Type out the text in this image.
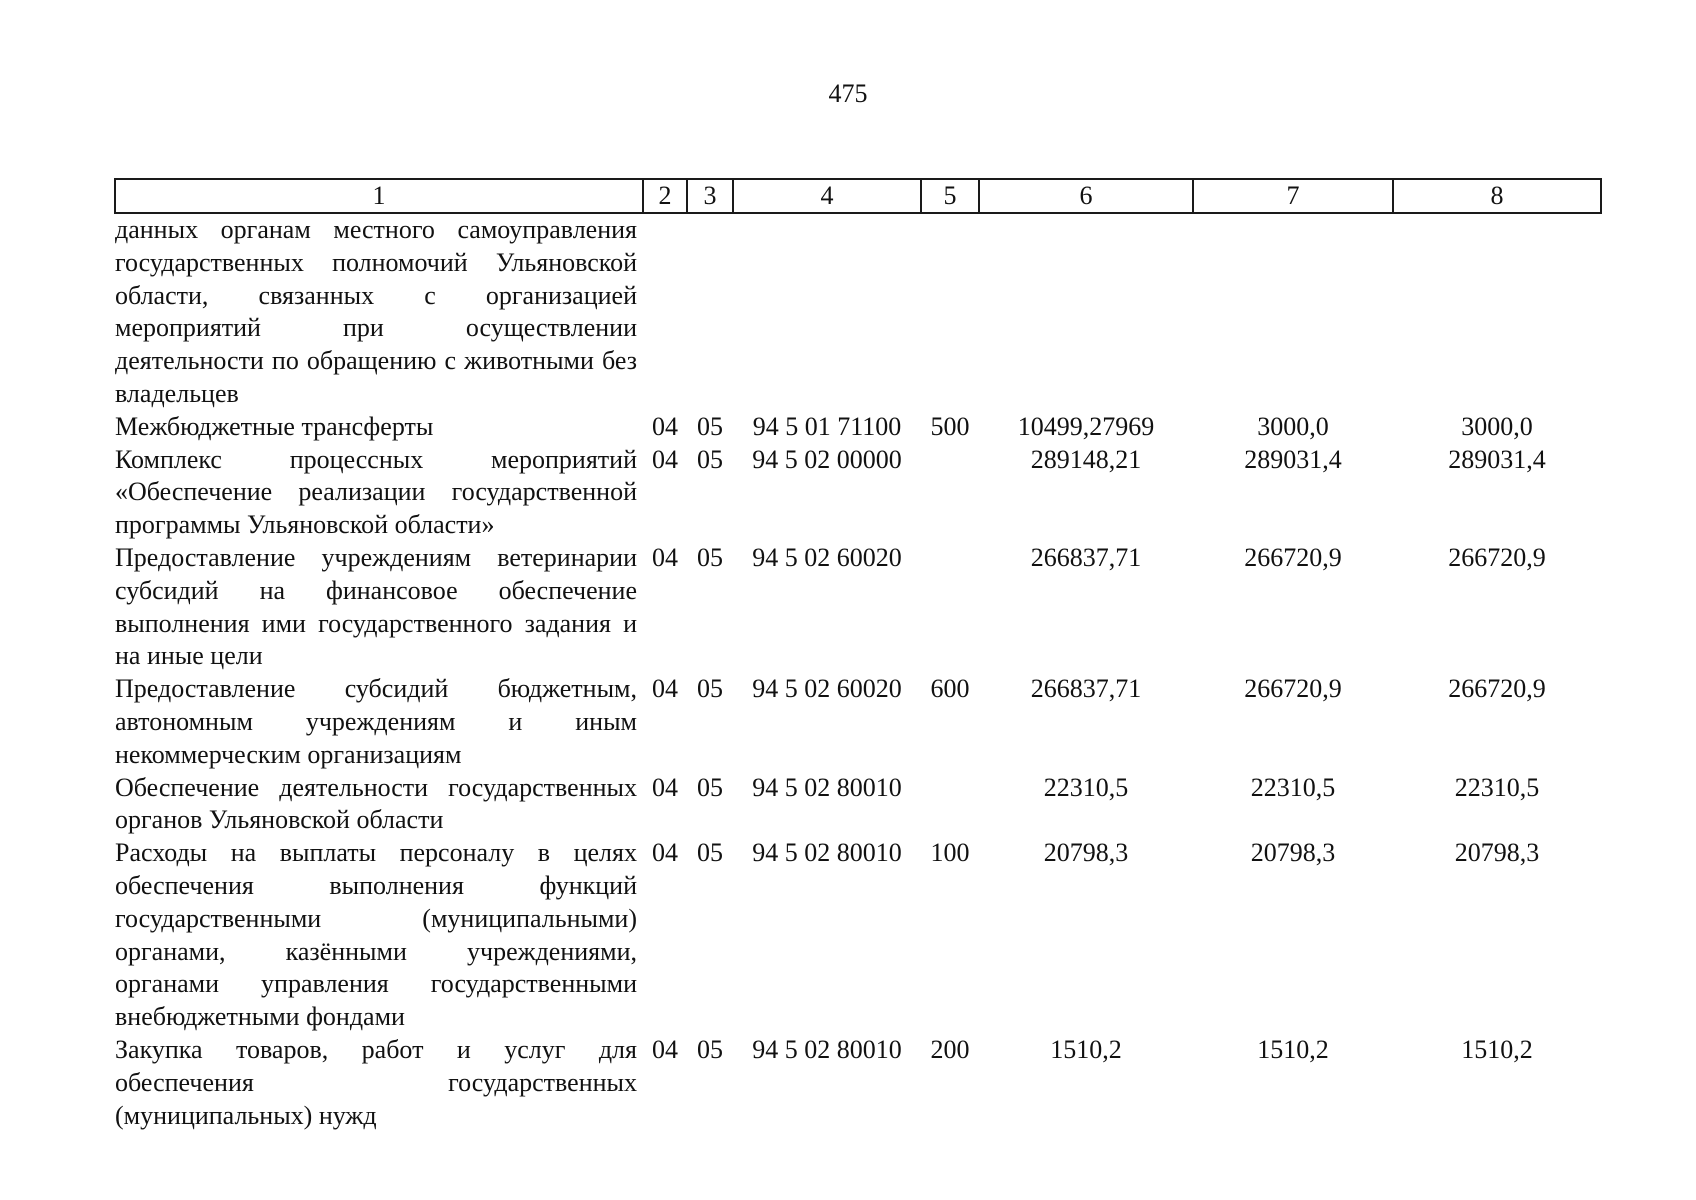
475
1	2	3	4	5	6	7	8
данных органам местного самоуправления государственных полномочий Ульяновской области, связанных с организацией мероприятий при осуществлении деятельности по обращению с животными без владельцев							
Межбюджетные трансферты	04	05	94 5 01 71100	500	10499,27969	3000,0	3000,0
Комплекс процессных мероприятий «Обеспечение реализации государственной программы Ульяновской области»	04	05	94 5 02 00000		289148,21	289031,4	289031,4
Предоставление учреждениям ветеринарии субсидий на финансовое обеспечение выполнения ими государственного задания и на иные цели	04	05	94 5 02 60020		266837,71	266720,9	266720,9
Предоставление субсидий бюджетным, автономным учреждениям и иным некоммерческим организациям	04	05	94 5 02 60020	600	266837,71	266720,9	266720,9
Обеспечение деятельности государственных органов Ульяновской области	04	05	94 5 02 80010		22310,5	22310,5	22310,5
Расходы на выплаты персоналу в целях обеспечения выполнения функций государственными (муниципальными) органами, казёнными учреждениями, органами управления государственными внебюджетными фондами	04	05	94 5 02 80010	100	20798,3	20798,3	20798,3
Закупка товаров, работ и услуг для обеспечения государственных (муниципальных) нужд	04	05	94 5 02 80010	200	1510,2	1510,2	1510,2
